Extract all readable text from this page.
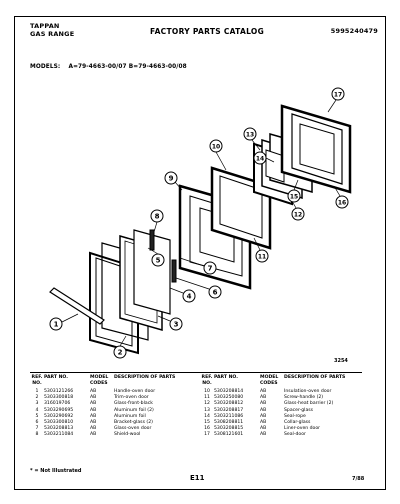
TAPPAN
GAS RANGE	FACTORY PARTS CATALOG	5995240479
MODELS: A=79-4663-00/07 B=79-4663-00/08
1
2
3
4
5
6
7
8
9
10
11
12
13
14
15
16
17
3254
REF. NO.
PART NO.	MODEL CODES
DESCRIPTION OF PARTS
1	5303121266	AB	Handle-oven door
2	5303300818	AB	Trim-oven door
3	316019706	AB	Glass-front-black
4	5303290695	AB	Aluminum foil (2)
5	5303290692	AB	Aluminum foil
6	5303300810	AB	Bracket-glass (2)
7	5303208813	AB	Glass-oven door
8	5303211084	AB	Shield-wool
REF. NO.
PART NO.	MODEL CODES
DESCRIPTION OF PARTS
10 5303208814	AB	Insulation-oven door
11 5303250080	AB	Screw-handle (2)
12 5303208812	AB	Glass-heat barrier (2)
13 5303208817	AB	Spacer-glass
14 5303211086	AB	Seal-rope
15 5308208811	AB	Collar-glass
16 5303208815	AB	Liner-oven door
17 5308121601	AB	Seal-door
* = Not Illustrated
E11	7/88
